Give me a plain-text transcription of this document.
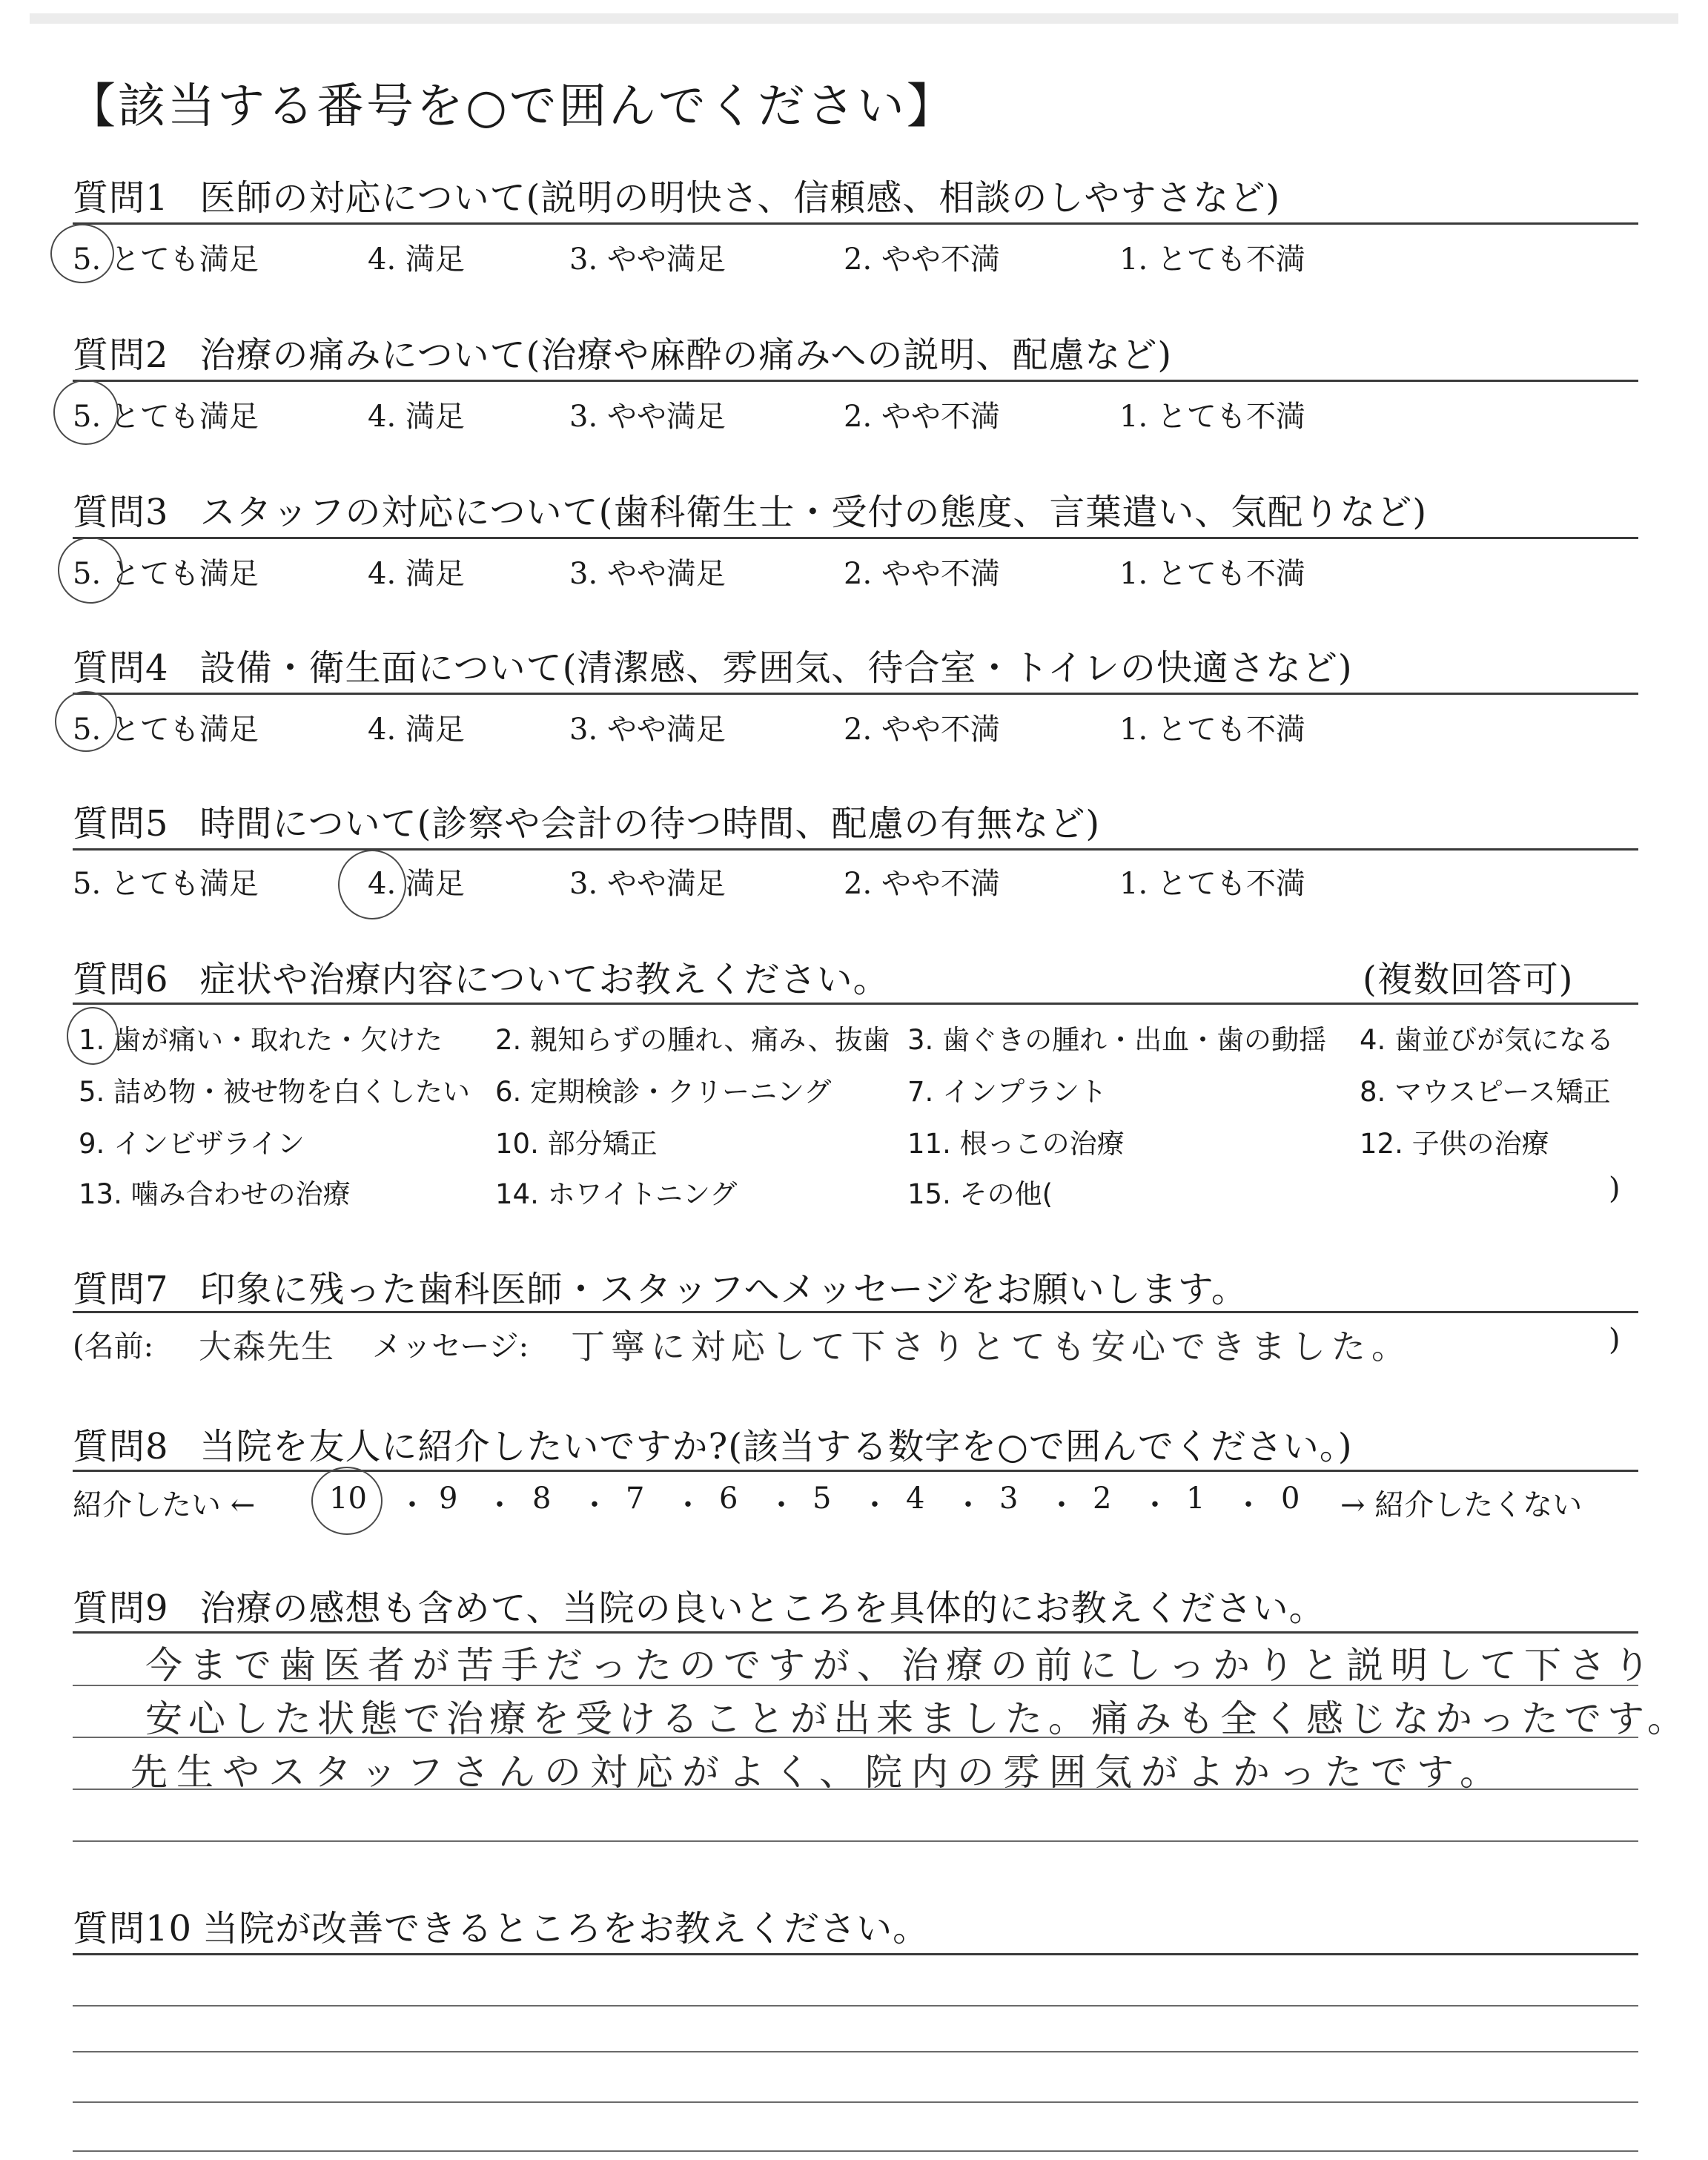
【該当する番号を○で囲んでください】
質問1 医師の対応について(説明の明快さ、信頼感、相談のしやすさなど)
5. とても満足	4. 満足	3. やや満足	2. やや不満	1. とても不満
質問2 治療の痛みについて(治療や麻酔の痛みへの説明、配慮など)
5. とても満足	4. 満足	3. やや満足	2. やや不満	1. とても不満
質問3 スタッフの対応について(歯科衛生士・受付の態度、言葉遣い、気配りなど)
5. とても満足	4. 満足	3. やや満足	2. やや不満	1. とても不満
質問4 設備・衛生面について(清潔感、雰囲気、待合室・トイレの快適さなど)
5. とても満足	4. 満足	3. やや満足	2. やや不満	1. とても不満
質問5 時間について(診察や会計の待つ時間、配慮の有無など)
5. とても満足	4. 満足	3. やや満足	2. やや不満	1. とても不満
質問6 症状や治療内容についてお教えください。	(複数回答可)
1. 歯が痛い・取れた・欠けた 2. 親知らずの腫れ、痛み、抜歯 3. 歯ぐきの腫れ・出血・歯の動揺 4. 歯並びが気になる
5. 詰め物・被せ物を白くしたい 6. 定期検診・クリーニング	7. インプラント	8. マウスピース矯正
9. インビザライン	10. 部分矯正	11. 根っこの治療	12. 子供の治療
13. 噛み合わせの治療	14. ホワイトニング	15. その他(	)
質問7 印象に残った歯科医師・スタッフへメッセージをお願いします。
(名前: 大森先生 メッセージ: 丁寧に対応して下さりとても安心できました。	)
質問8 当院を友人に紹介したいですか?(該当する数字を○で囲んでください。)
紹介したい ← 10 ・ 9 ・ 8 ・ 7 ・ 6 ・ 5 ・ 4 ・ 3 ・ 2 ・ 1 ・ 0 → 紹介したくない
質問9 治療の感想も含めて、当院の良いところを具体的にお教えください。
今まで歯医者が苦手だったのですが、治療の前にしっかりと説明して下さり
安心した状態で治療を受けることが出来ました。痛みも全く感じなかったです。
先生やスタッフさんの対応がよく、院内の雰囲気がよかったです。
質問10 当院が改善できるところをお教えください。
